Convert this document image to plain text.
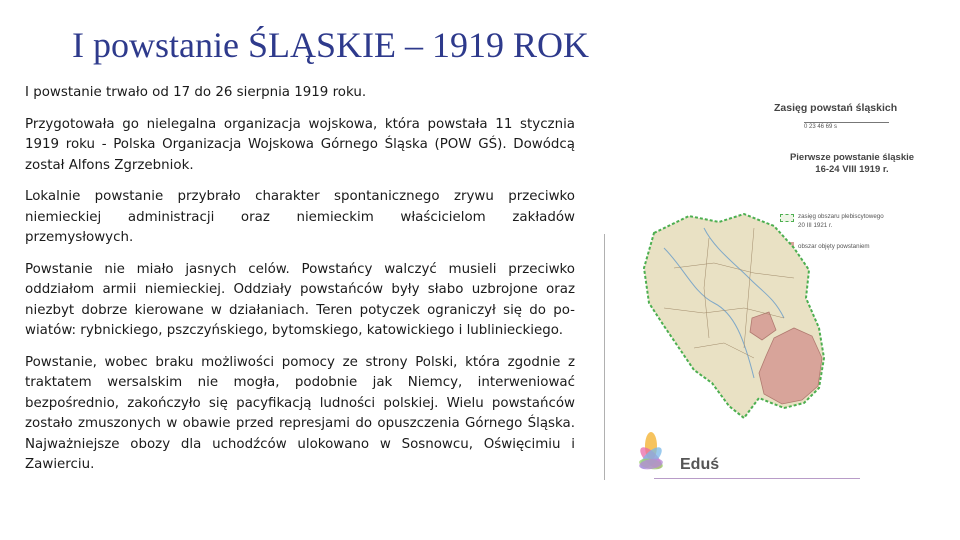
I powstanie ŚLĄSKIE – 1919 ROK

I powstanie trwało od 17 do 26 sierpnia 1919 roku.

Przygotowała go nielegalna organizacja wojskowa, która powstała 11 stycznia 1919 roku - Polska Organizacja Wojskowa Górnego Śląska (POW GŚ). Dowódcą został Alfons Zgrzebniok.

Lokalnie powstanie przybrało charakter spontanicznego zrywu przeciwko niemieckiej administracji oraz niemieckim właścicielom zakładów przemysłowych.

Powstanie nie miało jasnych celów. Powstańcy walczyć musieli przeciwko oddziałom armii niemieckiej. Oddziały powstańców były słabo uzbrojone oraz niezbyt dobrze kierowane w działaniach. Teren potyczek ograniczył się do po-wiatów: rybnickiego, pszczyńskiego, bytomskiego, katowickiego i lublinieckiego.

Powstanie, wobec braku możliwości pomocy ze strony Polski, która zgodnie z traktatem wersalskim nie mogła, podobnie jak Niemcy, interweniować bezpośrednio, zakończyło się pacyfikacją ludności polskiej. Wielu powstańców zostało zmuszonych w obawie przed represjami do opuszczenia Górnego Śląska. Najważniejsze obozy dla uchodźców ulokowano w Sosnowcu, Oświęcimiu i Zawierciu.

Zasięg powstań śląskich
0 23 46 69 s
Pierwsze powstanie śląskie
16-24 VIII 1919 r.
zasięg obszaru plebiscytowego
20 III 1921 r.
obszar objęty powstaniem
Eduś
